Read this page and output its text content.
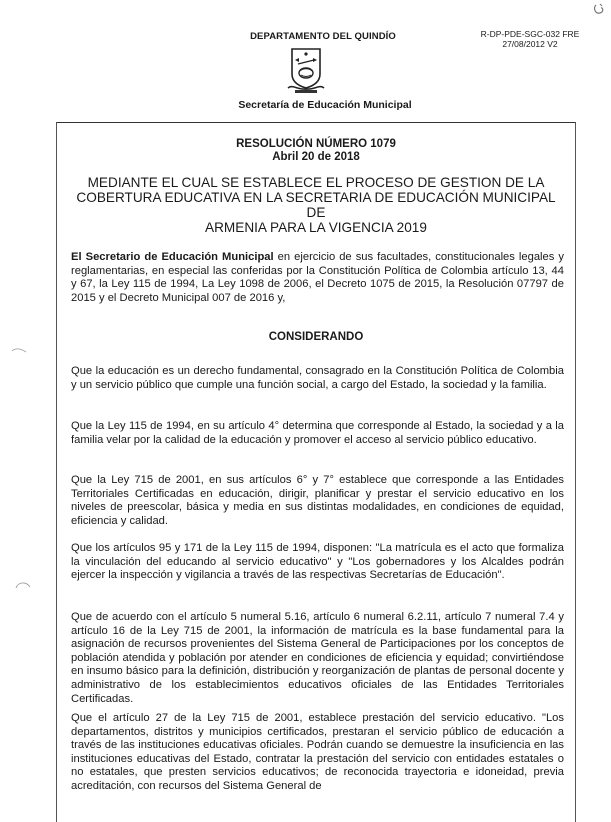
DEPARTAMENTO DEL QUINDÍO	R-DP-PDE-SGC-032 FRE
27/08/2012 V2
Secretaría de Educación Municipal
RESOLUCIÓN NÚMERO 1079
Abril 20 de 2018
MEDIANTE EL CUAL SE ESTABLECE EL PROCESO DE GESTION DE LA
COBERTURA EDUCATIVA EN LA SECRETARIA DE EDUCACIÓN MUNICIPAL DE
ARMENIA PARA LA VIGENCIA 2019
El Secretario de Educación Municipal en ejercicio de sus facultades, constitucionales legales y reglamentarias, en especial las conferidas por la Constitución Política de Colombia artículo 13, 44 y 67, la Ley 115 de 1994, La Ley 1098 de 2006, el Decreto 1075 de 2015, la Resolución 07797 de 2015 y el Decreto Municipal 007 de 2016 y,
CONSIDERANDO
Que la educación es un derecho fundamental, consagrado en la Constitución Política de Colombia y un servicio público que cumple una función social, a cargo del Estado, la sociedad y la familia.
Que la Ley 115 de 1994, en su artículo 4° determina que corresponde al Estado, la sociedad y a la familia velar por la calidad de la educación y promover el acceso al servicio público educativo.
Que la Ley 715 de 2001, en sus artículos 6° y 7° establece que corresponde a las Entidades Territoriales Certificadas en educación, dirigir, planificar y prestar el servicio educativo en los niveles de preescolar, básica y media en sus distintas modalidades, en condiciones de equidad, eficiencia y calidad.
Que los artículos 95 y 171 de la Ley 115 de 1994, disponen: "La matrícula es el acto que formaliza la vinculación del educando al servicio educativo" y "Los gobernadores y los Alcaldes podrán ejercer la inspección y vigilancia a través de las respectivas Secretarías de Educación".
Que de acuerdo con el artículo 5 numeral 5.16, artículo 6 numeral 6.2.11, artículo 7 numeral 7.4 y artículo 16 de la Ley 715 de 2001, la información de matrícula es la base fundamental para la asignación de recursos provenientes del Sistema General de Participaciones por los conceptos de población atendida y población por atender en condiciones de eficiencia y equidad; convirtiéndose en insumo básico para la definición, distribución y reorganización de plantas de personal docente y administrativo de los establecimientos educativos oficiales de las Entidades Territoriales Certificadas.
Que el artículo 27 de la Ley 715 de 2001, establece prestación del servicio educativo. "Los departamentos, distritos y municipios certificados, prestaran el servicio público de educación a través de las instituciones educativas oficiales. Podrán cuando se demuestre la insuficiencia en las instituciones educativas del Estado, contratar la prestación del servicio con entidades estatales o no estatales, que presten servicios educativos; de reconocida trayectoria e idoneidad, previa acreditación, con recursos del Sistema General de
